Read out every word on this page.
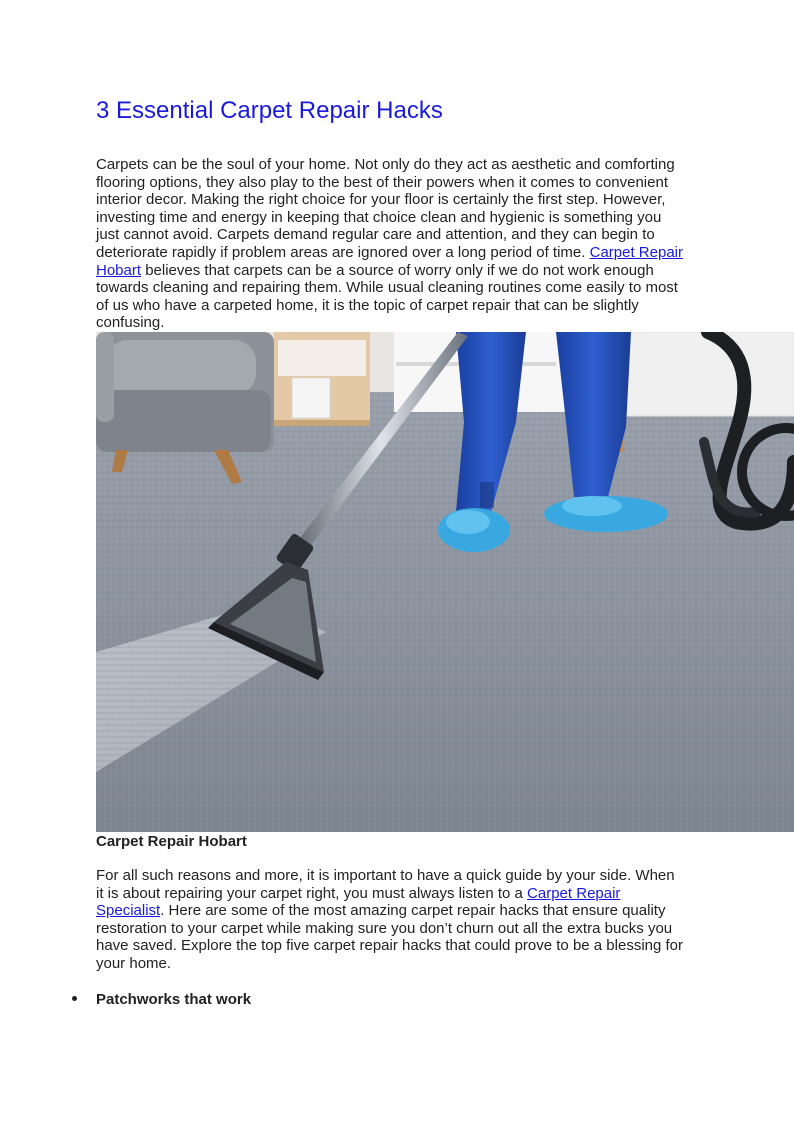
3 Essential Carpet Repair Hacks

Carpets can be the soul of your home. Not only do they act as aesthetic and comforting
flooring options, they also play to the best of their powers when it comes to convenient
interior decor. Making the right choice for your floor is certainly the first step. However,
investing time and energy in keeping that choice clean and hygienic is something you
just cannot avoid. Carpets demand regular care and attention, and they can begin to
deteriorate rapidly if problem areas are ignored over a long period of time. Carpet Repair
Hobart believes that carpets can be a source of worry only if we do not work enough
towards cleaning and repairing them. While usual cleaning routines come easily to most
of us who have a carpeted home, it is the topic of carpet repair that can be slightly
confusing.

Carpet Repair Hobart

For all such reasons and more, it is important to have a quick guide by your side. When
it is about repairing your carpet right, you must always listen to a Carpet Repair
Specialist. Here are some of the most amazing carpet repair hacks that ensure quality
restoration to your carpet while making sure you don’t churn out all the extra bucks you
have saved. Explore the top five carpet repair hacks that could prove to be a blessing for
your home.

Patchworks that work
